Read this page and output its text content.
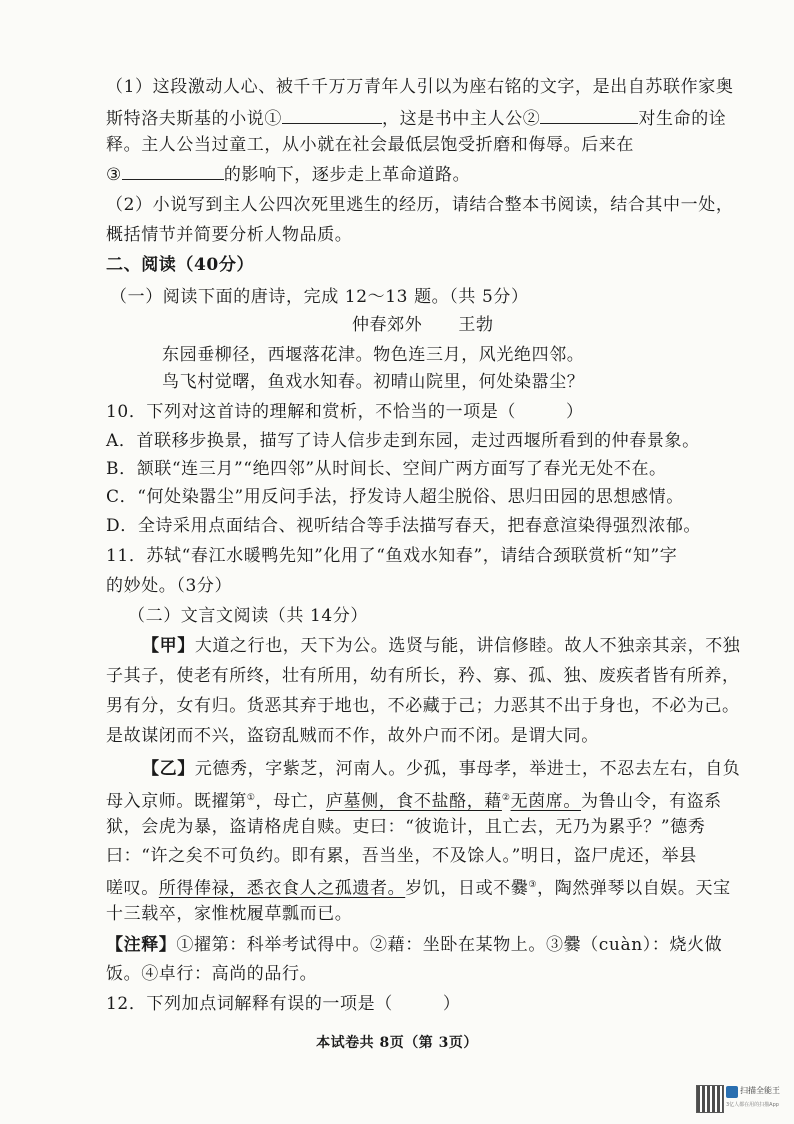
（1）这段激动人心、被千千万万青年人引以为座右铭的文字，是出自苏联作家奥
斯特洛夫斯基的小说①	，这是书中主人公②	对生命的诠
释。主人公当过童工，从小就在社会最低层饱受折磨和侮辱。后来在
③	的影响下，逐步走上革命道路。
（2）小说写到主人公四次死里逃生的经历，请结合整本书阅读，结合其中一处，
概括情节并简要分析人物品质。
二、阅读（40分）
（一）阅读下面的唐诗，完成 12～13 题。（共 5分）
仲春郊外 王勃
东园垂柳径，西堰落花津。物色连三月，风光绝四邻。
鸟飞村觉曙，鱼戏水知春。初晴山院里，何处染嚣尘？
10．下列对这首诗的理解和赏析，不恰当的一项是（	）
A．首联移步换景，描写了诗人信步走到东园，走过西堰所看到的仲春景象。
B．颔联“连三月”“绝四邻”从时间长、空间广两方面写了春光无处不在。
C．“何处染嚣尘”用反问手法，抒发诗人超尘脱俗、思归田园的思想感情。
D．全诗采用点面结合、视听结合等手法描写春天，把春意渲染得强烈浓郁。
11．苏轼“春江水暖鸭先知”化用了“鱼戏水知春”，请结合颈联赏析“知”字
的妙处。（3分）
（二）文言文阅读（共 14分）
【甲】大道之行也，天下为公。选贤与能，讲信修睦。故人不独亲其亲，不独
子其子，使老有所终，壮有所用，幼有所长，矜、寡、孤、独、废疾者皆有所养，
男有分，女有归。货恶其弃于地也，不必藏于己；力恶其不出于身也，不必为己。
是故谋闭而不兴，盗窃乱贼而不作，故外户而不闭。是谓大同。
【乙】元德秀，字紫芝，河南人。少孤，事母孝，举进士，不忍去左右，自负
母入京师。既擢第①，母亡，庐墓侧，食不盐酪，藉②无茵席。为鲁山令，有盗系
狱，会虎为暴，盗请格虎自赎。吏曰：“彼诡计，且亡去，无乃为累乎？”德秀
曰：“许之矣不可负约。即有累，吾当坐，不及馀人。”明日，盗尸虎还，举县
嗟叹。所得俸禄，悉衣食人之孤遗者。岁饥，日或不爨③，陶然弹琴以自娱。天宝
十三载卒，家惟枕履草瓢而已。
【注释】①擢第：科举考试得中。②藉：坐卧在某物上。③爨（cuàn）：烧火做
饭。④卓行：高尚的品行。
12．下列加点词解释有误的一项是（	）
本试卷共 8页（第 3页）
扫描全能王
3亿人都在用的扫描App
